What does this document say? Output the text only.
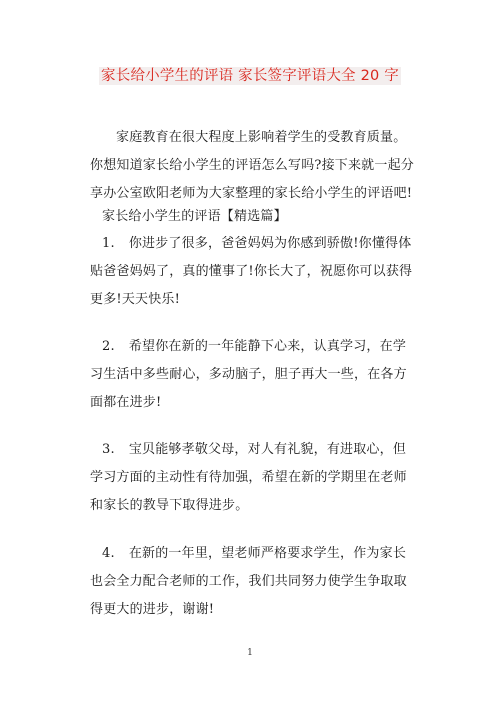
家长给小学生的评语 家长签字评语大全 20 字

家庭教育在很大程度上影响着学生的受教育质量。你想知道家长给小学生的评语怎么写吗?接下来就一起分享办公室欧阳老师为大家整理的家长给小学生的评语吧!

家长给小学生的评语【精选篇】

1. 你进步了很多，爸爸妈妈为你感到骄傲!你懂得体贴爸爸妈妈了，真的懂事了!你长大了，祝愿你可以获得更多!天天快乐!

2. 希望你在新的一年能静下心来，认真学习，在学习生活中多些耐心，多动脑子，胆子再大一些，在各方面都在进步!

3. 宝贝能够孝敬父母，对人有礼貌，有进取心，但学习方面的主动性有待加强，希望在新的学期里在老师和家长的教导下取得进步。

4. 在新的一年里，望老师严格要求学生，作为家长也会全力配合老师的工作，我们共同努力使学生争取取得更大的进步，谢谢!

1
